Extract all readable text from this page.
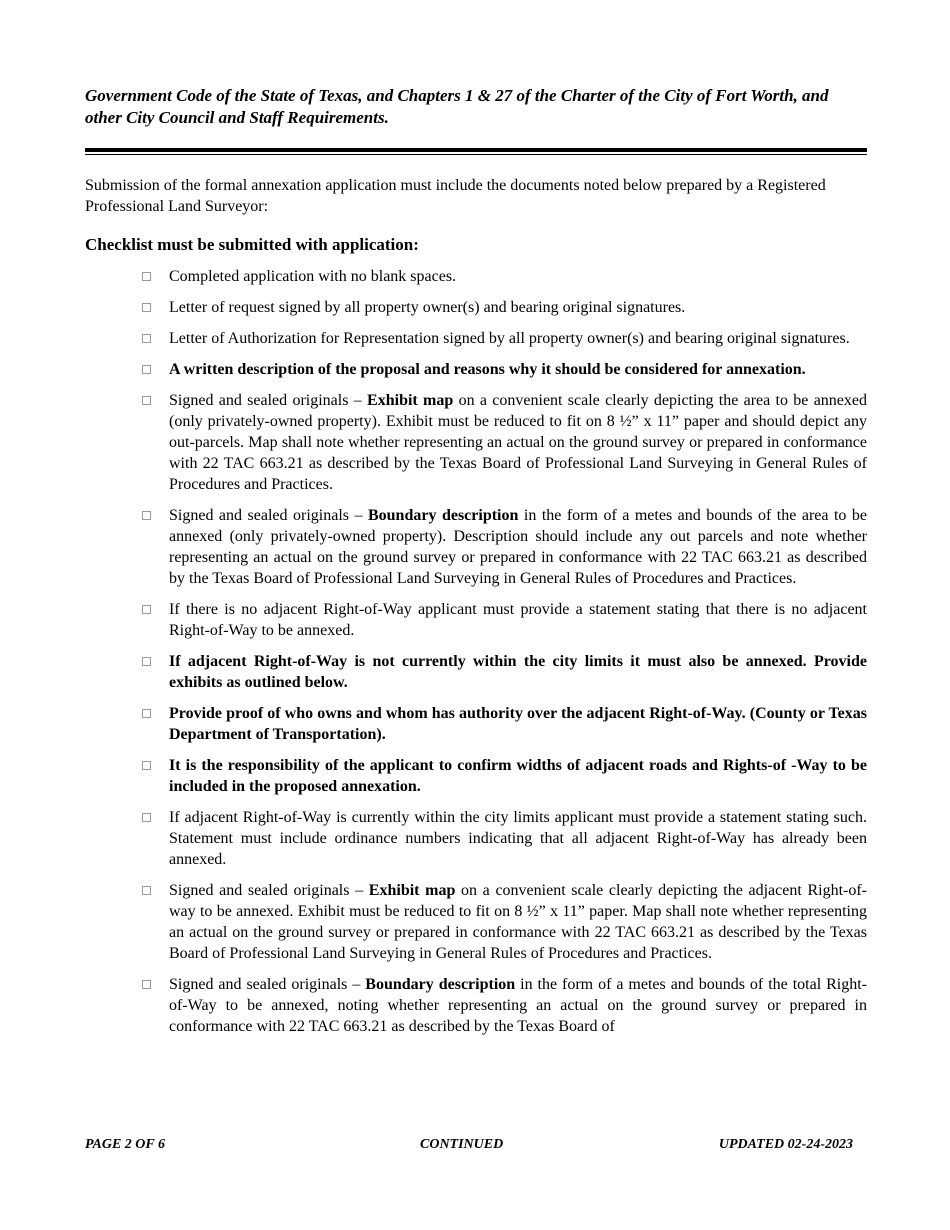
Government Code of the State of Texas, and Chapters 1 & 27 of the Charter of the City of Fort Worth, and other City Council and Staff Requirements.

Submission of the formal annexation application must include the documents noted below prepared by a Registered Professional Land Surveyor:

Checklist must be submitted with application:

Completed application with no blank spaces.
Letter of request signed by all property owner(s) and bearing original signatures.
Letter of Authorization for Representation signed by all property owner(s) and bearing original signatures.
A written description of the proposal and reasons why it should be considered for annexation.
Signed and sealed originals – Exhibit map on a convenient scale clearly depicting the area to be annexed (only privately-owned property). Exhibit must be reduced to fit on 8 ½” x 11” paper and should depict any out-parcels. Map shall note whether representing an actual on the ground survey or prepared in conformance with 22 TAC 663.21 as described by the Texas Board of Professional Land Surveying in General Rules of Procedures and Practices.
Signed and sealed originals – Boundary description in the form of a metes and bounds of the area to be annexed (only privately-owned property). Description should include any out parcels and note whether representing an actual on the ground survey or prepared in conformance with 22 TAC 663.21 as described by the Texas Board of Professional Land Surveying in General Rules of Procedures and Practices.
If there is no adjacent Right-of-Way applicant must provide a statement stating that there is no adjacent Right-of-Way to be annexed.
If adjacent Right-of-Way is not currently within the city limits it must also be annexed. Provide exhibits as outlined below.
Provide proof of who owns and whom has authority over the adjacent Right-of-Way. (County or Texas Department of Transportation).
It is the responsibility of the applicant to confirm widths of adjacent roads and Rights-of -Way to be included in the proposed annexation.
If adjacent Right-of-Way is currently within the city limits applicant must provide a statement stating such. Statement must include ordinance numbers indicating that all adjacent Right-of-Way has already been annexed.
Signed and sealed originals – Exhibit map on a convenient scale clearly depicting the adjacent Right-of-way to be annexed. Exhibit must be reduced to fit on 8 ½” x 11” paper. Map shall note whether representing an actual on the ground survey or prepared in conformance with 22 TAC 663.21 as described by the Texas Board of Professional Land Surveying in General Rules of Procedures and Practices.
Signed and sealed originals – Boundary description in the form of a metes and bounds of the total Right-of-Way to be annexed, noting whether representing an actual on the ground survey or prepared in conformance with 22 TAC 663.21 as described by the Texas Board of
PAGE 2 OF 6	CONTINUED	UPDATED 02-24-2023
